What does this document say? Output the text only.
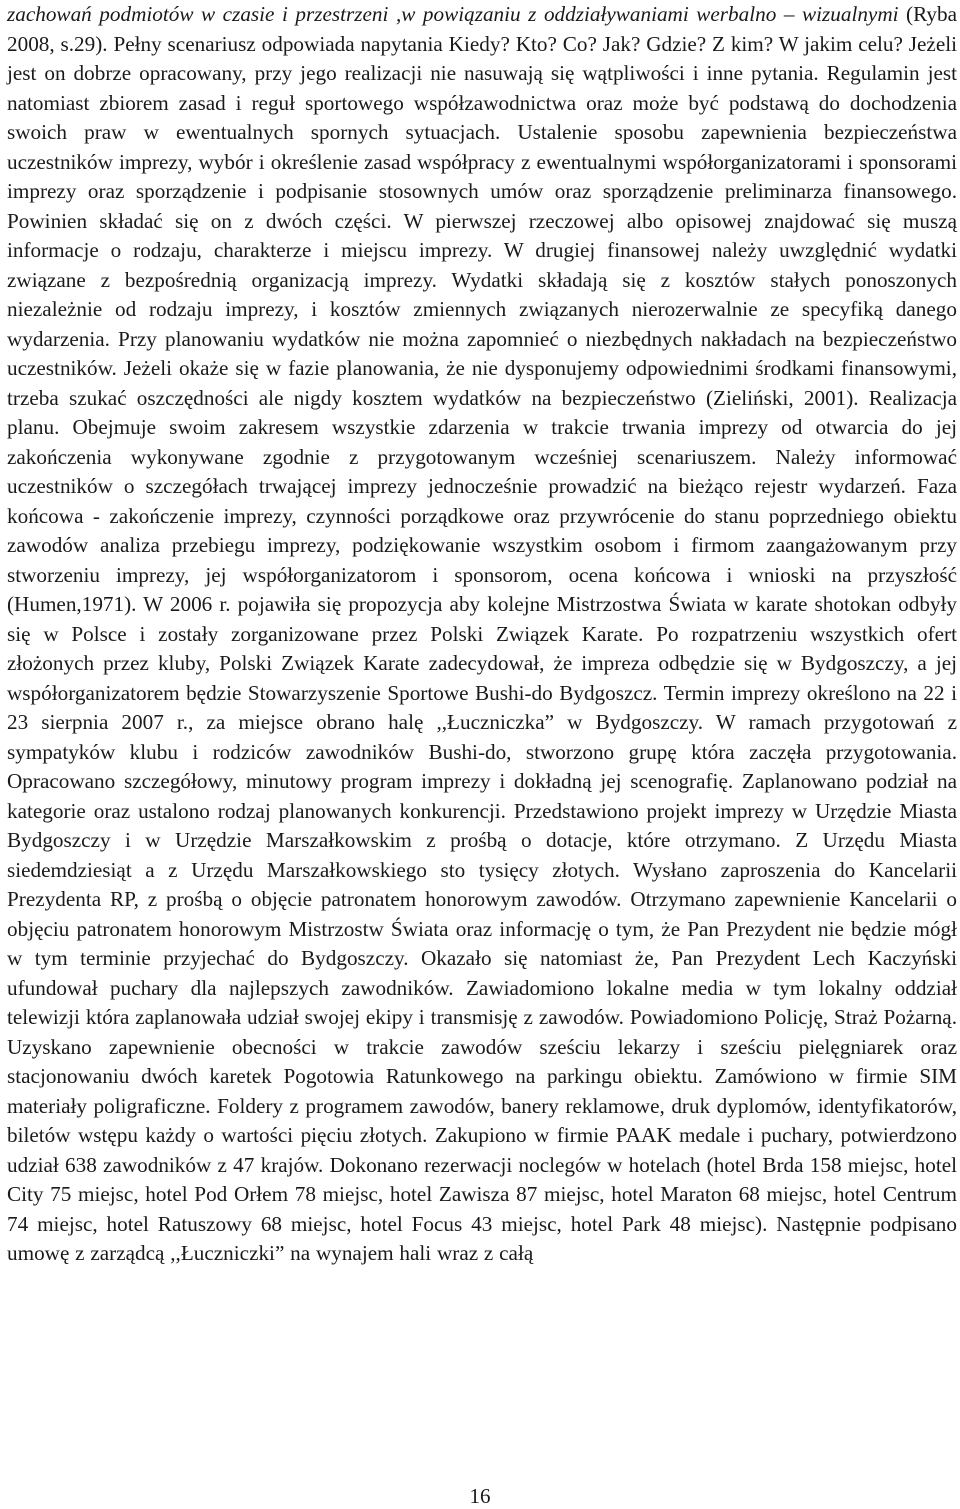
zachowań podmiotów w czasie i przestrzeni ,w powiązaniu z oddziaływaniami werbalno – wizualnymi (Ryba 2008, s.29). Pełny scenariusz odpowiada napytania Kiedy? Kto? Co? Jak? Gdzie? Z kim? W jakim celu? Jeżeli jest on dobrze opracowany, przy jego realizacji nie nasuwają się wątpliwości i inne pytania. Regulamin jest natomiast zbiorem zasad i reguł sportowego współzawodnictwa oraz może być podstawą do dochodzenia swoich praw w ewentualnych spornych sytuacjach. Ustalenie sposobu zapewnienia bezpieczeństwa uczestników imprezy, wybór i określenie zasad współpracy z ewentualnymi współorganizatorami i sponsorami imprezy oraz sporządzenie i podpisanie stosownych umów oraz sporządzenie preliminarza finansowego. Powinien składać się on z dwóch części. W pierwszej rzeczowej albo opisowej znajdować się muszą informacje o rodzaju, charakterze i miejscu imprezy. W drugiej finansowej należy uwzględnić wydatki związane z bezpośrednią organizacją imprezy. Wydatki składają się z kosztów stałych ponoszonych niezależnie od rodzaju imprezy, i kosztów zmiennych związanych nierozerwalnie ze specyfiką danego wydarzenia. Przy planowaniu wydatków nie można zapomnieć o niezbędnych nakładach na bezpieczeństwo uczestników. Jeżeli okaże się w fazie planowania, że nie dysponujemy odpowiednimi środkami finansowymi, trzeba szukać oszczędności ale nigdy kosztem wydatków na bezpieczeństwo (Zieliński, 2001). Realizacja planu. Obejmuje swoim zakresem wszystkie zdarzenia w trakcie trwania imprezy od otwarcia do jej zakończenia wykonywane zgodnie z przygotowanym wcześniej scenariuszem. Należy informować uczestników o szczegółach trwającej imprezy jednocześnie prowadzić na bieżąco rejestr wydarzeń. Faza końcowa - zakończenie imprezy, czynności porządkowe oraz przywrócenie do stanu poprzedniego obiektu zawodów analiza przebiegu imprezy, podziękowanie wszystkim osobom i firmom zaangażowanym przy stworzeniu imprezy, jej współorganizatorom i sponsorom, ocena końcowa i wnioski na przyszłość (Humen,1971). W 2006 r. pojawiła się propozycja aby kolejne Mistrzostwa Świata w karate shotokan odbyły się w Polsce i zostały zorganizowane przez Polski Związek Karate. Po rozpatrzeniu wszystkich ofert złożonych przez kluby, Polski Związek Karate zadecydował, że impreza odbędzie się w Bydgoszczy, a jej współorganizatorem będzie Stowarzyszenie Sportowe Bushi-do Bydgoszcz. Termin imprezy określono na 22 i 23 sierpnia 2007 r., za miejsce obrano halę ,,Łuczniczka” w Bydgoszczy. W ramach przygotowań z sympatyków klubu i rodziców zawodników Bushi-do, stworzono grupę która zaczęła przygotowania. Opracowano szczegółowy, minutowy program imprezy i dokładną jej scenografię. Zaplanowano podział na kategorie oraz ustalono rodzaj planowanych konkurencji. Przedstawiono projekt imprezy w Urzędzie Miasta Bydgoszczy i w Urzędzie Marszałkowskim z prośbą o dotacje, które otrzymano. Z Urzędu Miasta siedemdziesiąt a z Urzędu Marszałkowskiego sto tysięcy złotych. Wysłano zaproszenia do Kancelarii Prezydenta RP, z prośbą o objęcie patronatem honorowym zawodów. Otrzymano zapewnienie Kancelarii o objęciu patronatem honorowym Mistrzostw Świata oraz informację o tym, że Pan Prezydent nie będzie mógł w tym terminie przyjechać do Bydgoszczy. Okazało się natomiast że, Pan Prezydent Lech Kaczyński ufundował puchary dla najlepszych zawodników. Zawiadomiono lokalne media w tym lokalny oddział telewizji która zaplanowała udział swojej ekipy i transmisję z zawodów. Powiadomiono Policję, Straż Pożarną. Uzyskano zapewnienie obecności w trakcie zawodów sześciu lekarzy i sześciu pielęgniarek oraz stacjonowaniu dwóch karetek Pogotowia Ratunkowego na parkingu obiektu. Zamówiono w firmie SIM materiały poligraficzne. Foldery z programem zawodów, banery reklamowe, druk dyplomów, identyfikatorów, biletów wstępu każdy o wartości pięciu złotych. Zakupiono w firmie PAAK medale i puchary, potwierdzono udział 638 zawodników z 47 krajów. Dokonano rezerwacji noclegów w hotelach (hotel Brda 158 miejsc, hotel City 75 miejsc, hotel Pod Orłem 78 miejsc, hotel Zawisza 87 miejsc, hotel Maraton 68 miejsc, hotel Centrum 74 miejsc, hotel Ratuszowy 68 miejsc, hotel Focus 43 miejsc, hotel Park 48 miejsc). Następnie podpisano umowę z zarządcą ,,Łuczniczki” na wynajem hali wraz z całą

16
